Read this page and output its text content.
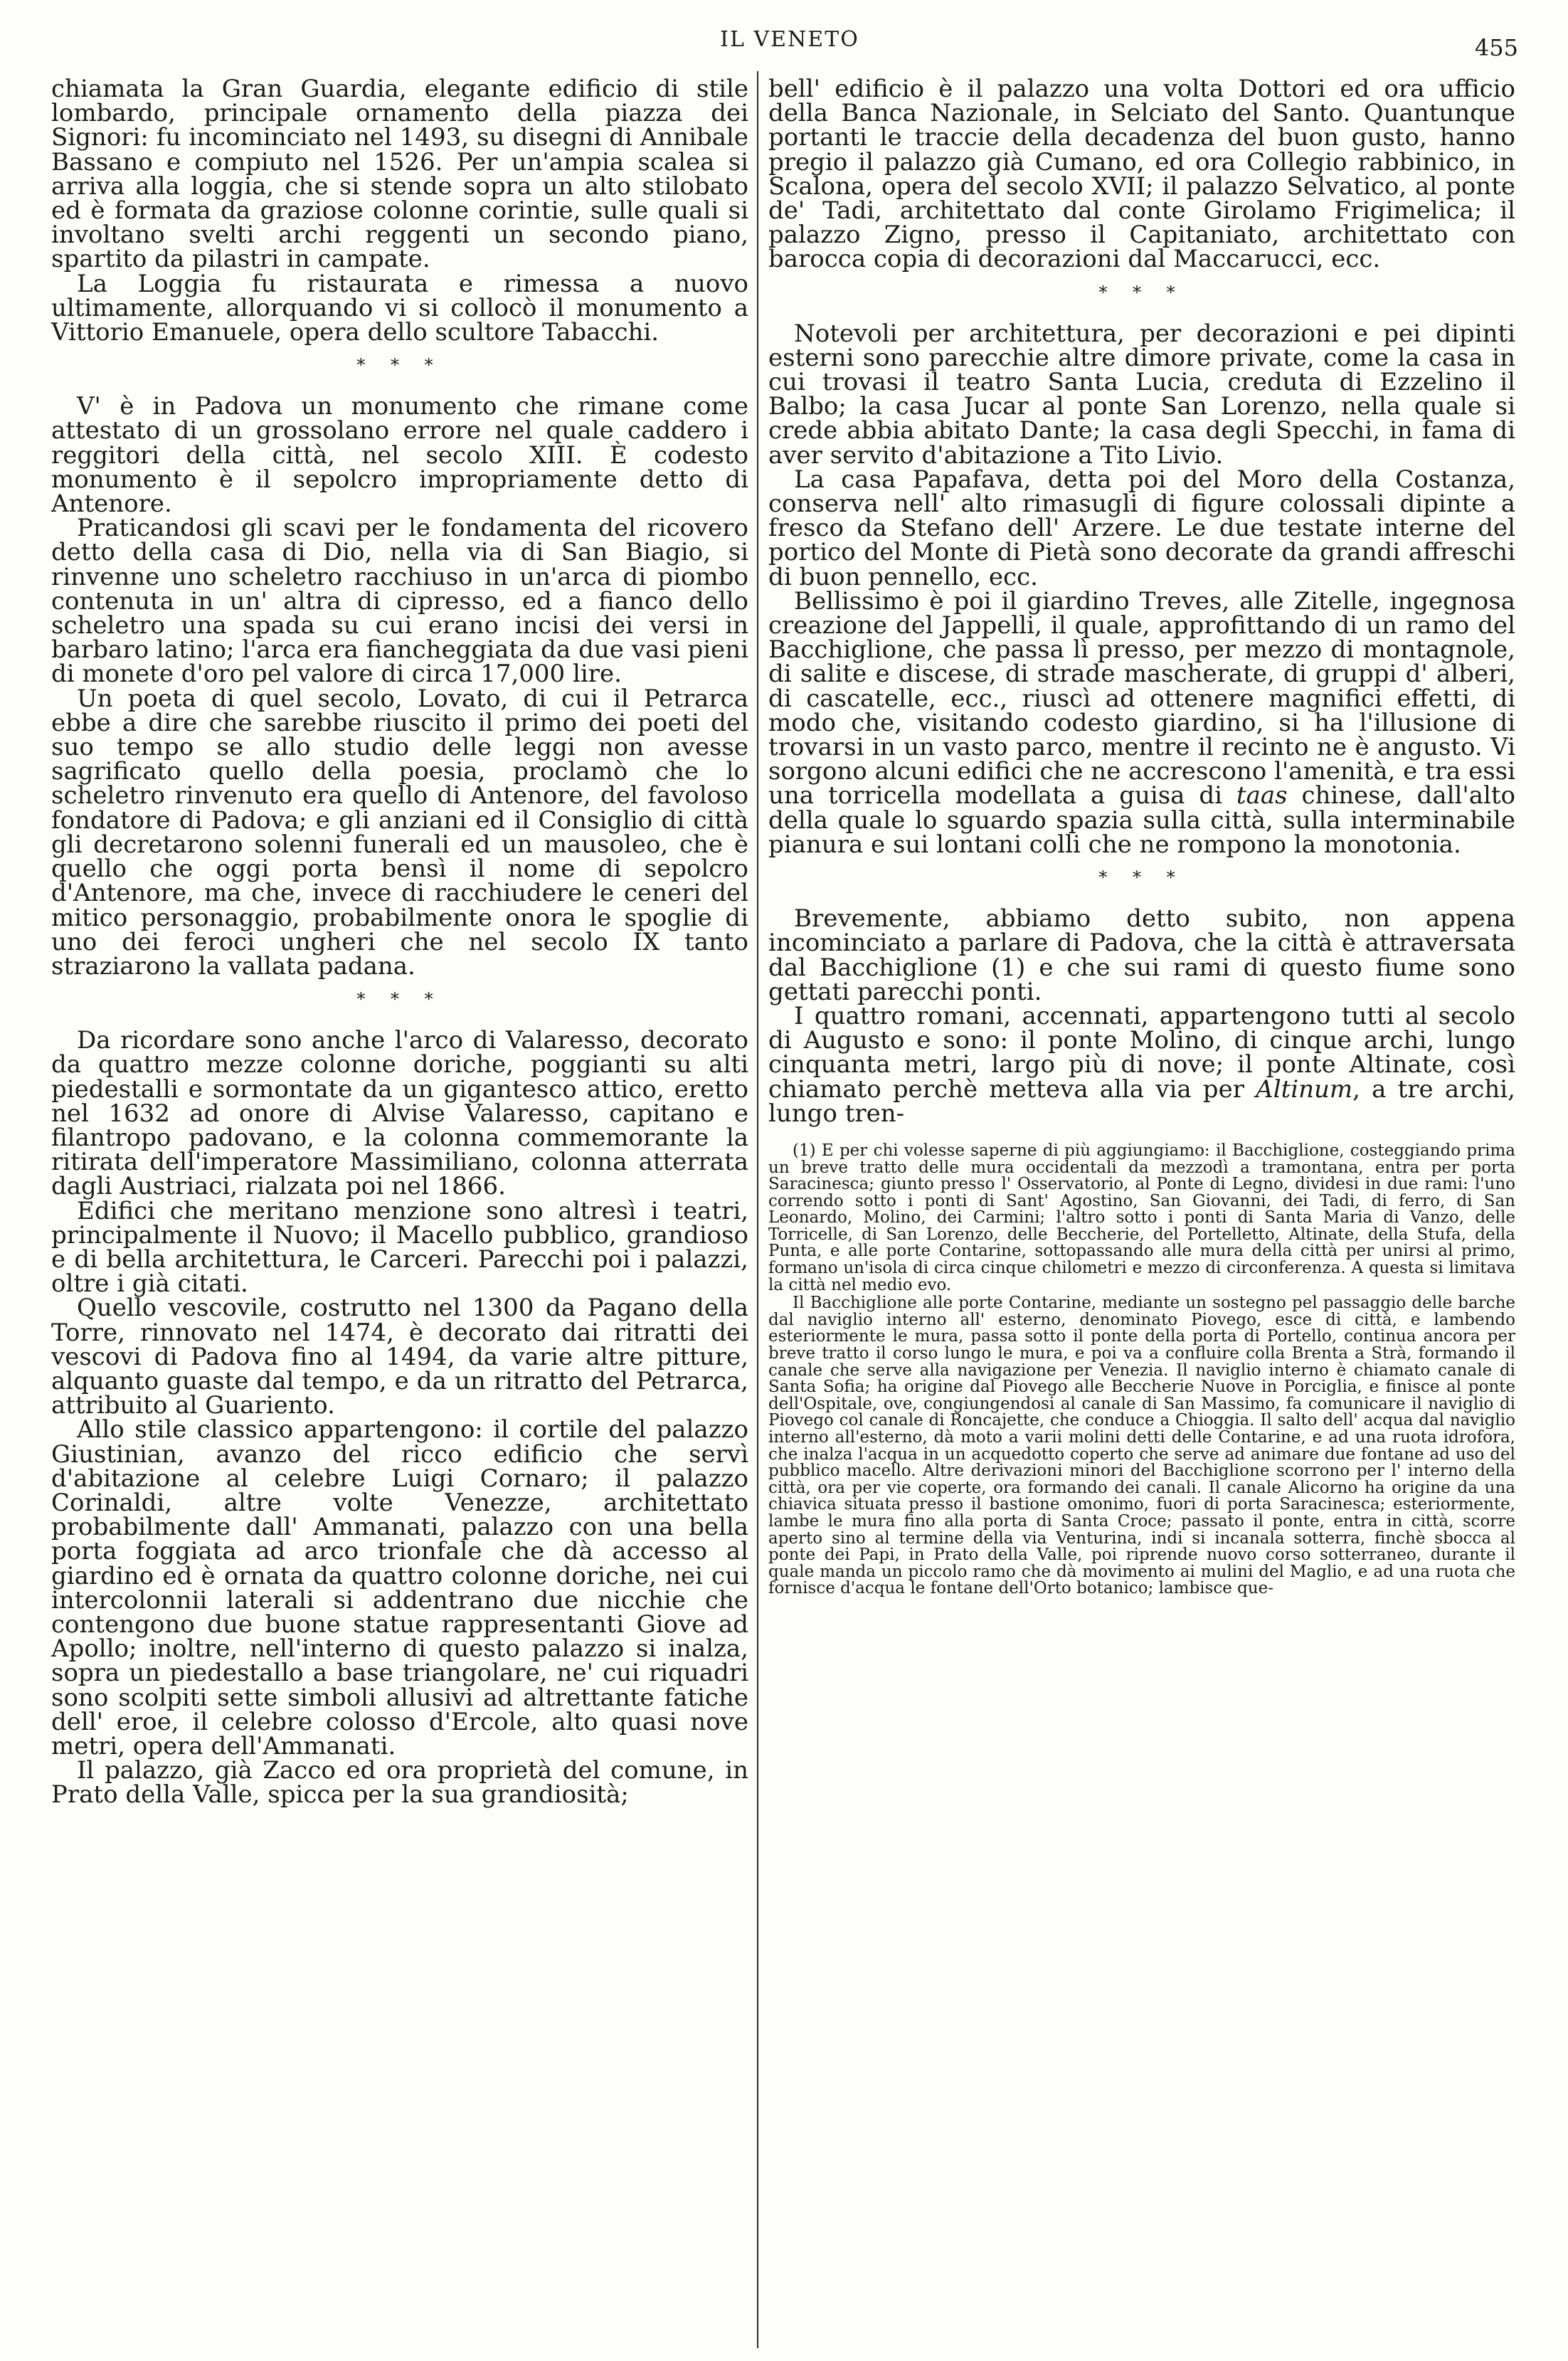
IL VENETO	455

chiamata la Gran Guardia, elegante edificio di stile lombardo, principale ornamento della piazza dei Signori: fu incominciato nel 1493, su disegni di Annibale Bassano e compiuto nel 1526. Per un'ampia scalea si arriva alla loggia, che si stende sopra un alto stilobato ed è formata da graziose colonne corintie, sulle quali si involtano svelti archi reggenti un secondo piano, spartito da pilastri in campate.

La Loggia fu ristaurata e rimessa a nuovo ultimamente, allorquando vi si collocò il monumento a Vittorio Emanuele, opera dello scultore Tabacchi.

* * *

V' è in Padova un monumento che rimane come attestato di un grossolano errore nel quale caddero i reggitori della città, nel secolo XIII. È codesto monumento è il sepolcro impropriamente detto di Antenore.

Praticandosi gli scavi per le fondamenta del ricovero detto della casa di Dio, nella via di San Biagio, si rinvenne uno scheletro racchiuso in un'arca di piombo contenuta in un' altra di cipresso, ed a fianco dello scheletro una spada su cui erano incisi dei versi in barbaro latino; l'arca era fiancheggiata da due vasi pieni di monete d'oro pel valore di circa 17,000 lire.

Un poeta di quel secolo, Lovato, di cui il Petrarca ebbe a dire che sarebbe riuscito il primo dei poeti del suo tempo se allo studio delle leggi non avesse sagrificato quello della poesia, proclamò che lo scheletro rinvenuto era quello di Antenore, del favoloso fondatore di Padova; e gli anziani ed il Consiglio di città gli decretarono solenni funerali ed un mausoleo, che è quello che oggi porta bensì il nome di sepolcro d'Antenore, ma che, invece di racchiudere le ceneri del mitico personaggio, probabilmente onora le spoglie di uno dei feroci ungheri che nel secolo IX tanto straziarono la vallata padana.

* * *

Da ricordare sono anche l'arco di Valaresso, decorato da quattro mezze colonne doriche, poggianti su alti piedestalli e sormontate da un gigantesco attico, eretto nel 1632 ad onore di Alvise Valaresso, capitano e filantropo padovano, e la colonna commemorante la ritirata dell'imperatore Massimiliano, colonna atterrata dagli Austriaci, rialzata poi nel 1866.

Edifici che meritano menzione sono altresì i teatri, principalmente il Nuovo; il Macello pubblico, grandioso e di bella architettura, le Carceri. Parecchi poi i palazzi, oltre i già citati.

Quello vescovile, costrutto nel 1300 da Pagano della Torre, rinnovato nel 1474, è decorato dai ritratti dei vescovi di Padova fino al 1494, da varie altre pitture, alquanto guaste dal tempo, e da un ritratto del Petrarca, attribuito al Guariento.

Allo stile classico appartengono: il cortile del palazzo Giustinian, avanzo del ricco edificio che servì d'abitazione al celebre Luigi Cornaro; il palazzo Corinaldi, altre volte Venezze, architettato probabilmente dall' Ammanati, palazzo con una bella porta foggiata ad arco trionfale che dà accesso al giardino ed è ornata da quattro colonne doriche, nei cui intercolonnii laterali si addentrano due nicchie che contengono due buone statue rappresentanti Giove ad Apollo; inoltre, nell'interno di questo palazzo si inalza, sopra un piedestallo a base triangolare, ne' cui riquadri sono scolpiti sette simboli allusivi ad altrettante fatiche dell' eroe, il celebre colosso d'Ercole, alto quasi nove metri, opera dell'Ammanati.

Il palazzo, già Zacco ed ora proprietà del comune, in Prato della Valle, spicca per la sua grandiosità;

bell' edificio è il palazzo una volta Dottori ed ora ufficio della Banca Nazionale, in Selciato del Santo. Quantunque portanti le traccie della decadenza del buon gusto, hanno pregio il palazzo già Cumano, ed ora Collegio rabbinico, in Scalona, opera del secolo XVII; il palazzo Selvatico, al ponte de' Tadi, architettato dal conte Girolamo Frigimelica; il palazzo Zigno, presso il Capitaniato, architettato con barocca copia di decorazioni dal Maccarucci, ecc.

* * *

Notevoli per architettura, per decorazioni e pei dipinti esterni sono parecchie altre dimore private, come la casa in cui trovasi il teatro Santa Lucia, creduta di Ezzelino il Balbo; la casa Jucar al ponte San Lorenzo, nella quale si crede abbia abitato Dante; la casa degli Specchi, in fama di aver servito d'abitazione a Tito Livio.

La casa Papafava, detta poi del Moro della Costanza, conserva nell' alto rimasugli di figure colossali dipinte a fresco da Stefano dell' Arzere. Le due testate interne del portico del Monte di Pietà sono decorate da grandi affreschi di buon pennello, ecc.

Bellissimo è poi il giardino Treves, alle Zitelle, ingegnosa creazione del Jappelli, il quale, approfittando di un ramo del Bacchiglione, che passa lì presso, per mezzo di montagnole, di salite e discese, di strade mascherate, di gruppi d' alberi, di cascatelle, ecc., riuscì ad ottenere magnifici effetti, di modo che, visitando codesto giardino, si ha l'illusione di trovarsi in un vasto parco, mentre il recinto ne è angusto. Vi sorgono alcuni edifici che ne accrescono l'amenità, e tra essi una torricella modellata a guisa di taas chinese, dall'alto della quale lo sguardo spazia sulla città, sulla interminabile pianura e sui lontani colli che ne rompono la monotonia.

* * *

Brevemente, abbiamo detto subito, non appena incominciato a parlare di Padova, che la città è attraversata dal Bacchiglione (1) e che sui rami di questo fiume sono gettati parecchi ponti.

I quattro romani, accennati, appartengono tutti al secolo di Augusto e sono: il ponte Molino, di cinque archi, lungo cinquanta metri, largo più di nove; il ponte Altinate, così chiamato perchè metteva alla via per Altinum, a tre archi, lungo tren-

(1) E per chi volesse saperne di più aggiungiamo: il Bacchiglione, costeggiando prima un breve tratto delle mura occidentali da mezzodì a tramontana, entra per porta Saracinesca; giunto presso l' Osservatorio, al Ponte di Legno, dividesi in due rami: l'uno correndo sotto i ponti di Sant' Agostino, San Giovanni, dei Tadi, di ferro, di San Leonardo, Molino, dei Carmini; l'altro sotto i ponti di Santa Maria di Vanzo, delle Torricelle, di San Lorenzo, delle Beccherie, del Portelletto, Altinate, della Stufa, della Punta, e alle porte Contarine, sottopassando alle mura della città per unirsi al primo, formano un'isola di circa cinque chilometri e mezzo di circonferenza. A questa si limitava la città nel medio evo.

Il Bacchiglione alle porte Contarine, mediante un sostegno pel passaggio delle barche dal naviglio interno all' esterno, denominato Piovego, esce di città, e lambendo esteriormente le mura, passa sotto il ponte della porta di Portello, continua ancora per breve tratto il corso lungo le mura, e poi va a confluire colla Brenta a Strà, formando il canale che serve alla navigazione per Venezia. Il naviglio interno è chiamato canale di Santa Sofia; ha origine dal Piovego alle Beccherie Nuove in Porciglia, e finisce al ponte dell'Ospitale, ove, congiungendosi al canale di San Massimo, fa comunicare il naviglio di Piovego col canale di Roncajette, che conduce a Chioggia. Il salto dell' acqua dal naviglio interno all'esterno, dà moto a varii molini detti delle Contarine, e ad una ruota idrofora, che inalza l'acqua in un acquedotto coperto che serve ad animare due fontane ad uso del pubblico macello. Altre derivazioni minori del Bacchiglione scorrono per l' interno della città, ora per vie coperte, ora formando dei canali. Il canale Alicorno ha origine da una chiavica situata presso il bastione omonimo, fuori di porta Saracinesca; esteriormente, lambe le mura fino alla porta di Santa Croce; passato il ponte, entra in città, scorre aperto sino al termine della via Venturina, indi si incanala sotterra, finchè sbocca al ponte dei Papi, in Prato della Valle, poi riprende nuovo corso sotterraneo, durante il quale manda un piccolo ramo che dà movimento ai mulini del Maglio, e ad una ruota che fornisce d'acqua le fontane dell'Orto botanico; lambisce que-
